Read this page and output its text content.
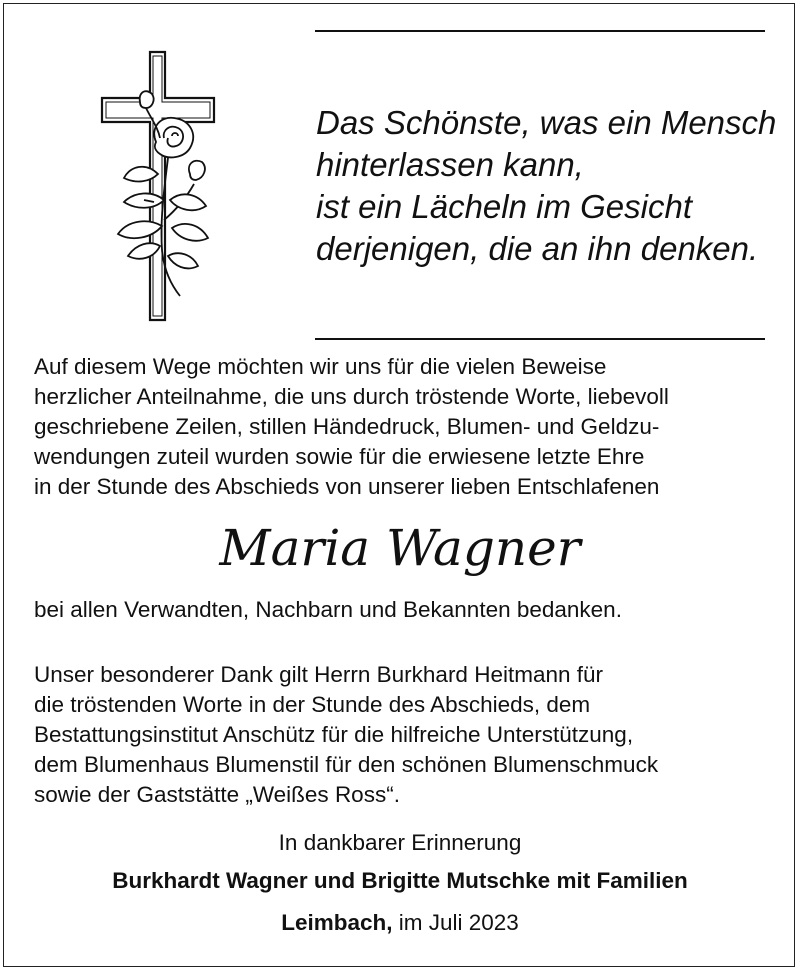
Das Schönste, was ein Mensch
hinterlassen kann,
ist ein Lächeln im Gesicht
derjenigen, die an ihn denken.
Auf diesem Wege möchten wir uns für die vielen Beweise
herzlicher Anteilnahme, die uns durch tröstende Worte, liebevoll
geschriebene Zeilen, stillen Händedruck, Blumen- und Geldzu-
wendungen zuteil wurden sowie für die erwiesene letzte Ehre
in der Stunde des Abschieds von unserer lieben Entschlafenen
Maria Wagner
bei allen Verwandten, Nachbarn und Bekannten bedanken.
Unser besonderer Dank gilt Herrn Burkhard Heitmann für
die tröstenden Worte in der Stunde des Abschieds, dem
Bestattungsinstitut Anschütz für die hilfreiche Unterstützung,
dem Blumenhaus Blumenstil für den schönen Blumenschmuck
sowie der Gaststätte „Weißes Ross“.
In dankbarer Erinnerung
Burkhardt Wagner und Brigitte Mutschke mit Familien
Leimbach, im Juli 2023
